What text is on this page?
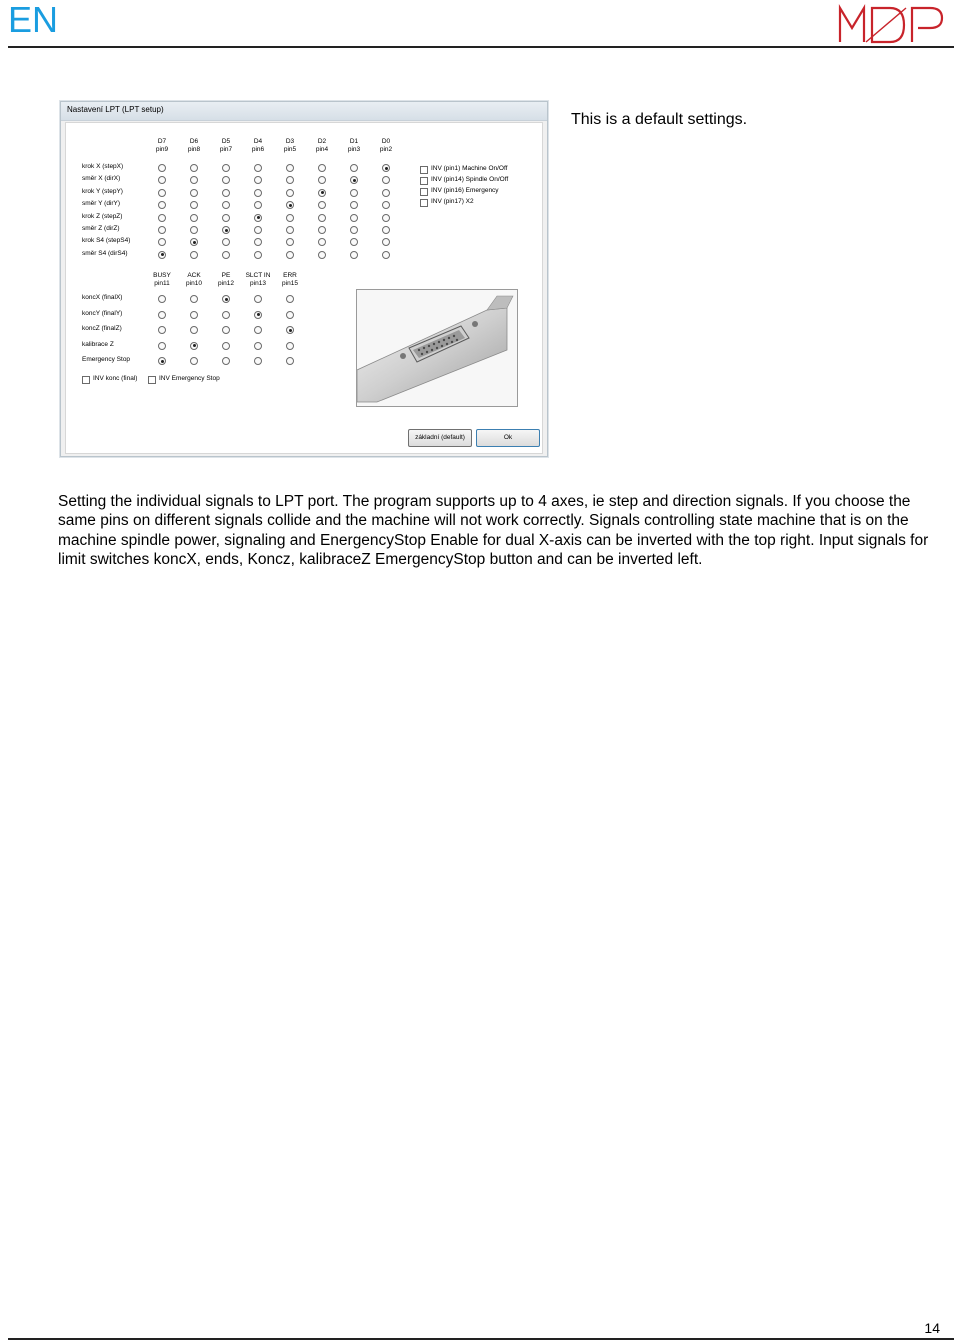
EN
Nastavení LPT (LPT setup)
D7
pin9
D6
pin8
D5
pin7
D4
pin6
D3
pin5
D2
pin4
D1
pin3
D0
pin2
krok X (stepX)
směr X (dirX)
krok Y (stepY)
směr Y (dirY)
krok Z (stepZ)
směr Z (dirZ)
krok S4 (stepS4)
směr S4 (dirS4)
INV (pin1) Machine On/Off
INV (pin14) Spindle On/Off
INV (pin16) Emergency
INV (pin17) X2
BUSY
pin11
ACK
pin10
PE
pin12
SLCT IN
pin13
ERR
pin15
koncX (finalX)
koncY (finalY)
koncZ (finalZ)
kalibrace Z
Emergency Stop
INV konc (final)	INV Emergency Stop
základní (default)	Ok
This is a default settings.
Setting the individual signals to LPT port. The program supports up to 4 axes, ie step and direction signals. If you choose the same pins on different signals collide and the machine will not work correctly. Signals controlling state machine that is on the machine spindle power, signaling and EnergencyStop Enable for dual X-axis can be inverted with the top right. Input signals for limit switches koncX, ends, Koncz, kalibraceZ EmergencyStop button and can be inverted left.
14
